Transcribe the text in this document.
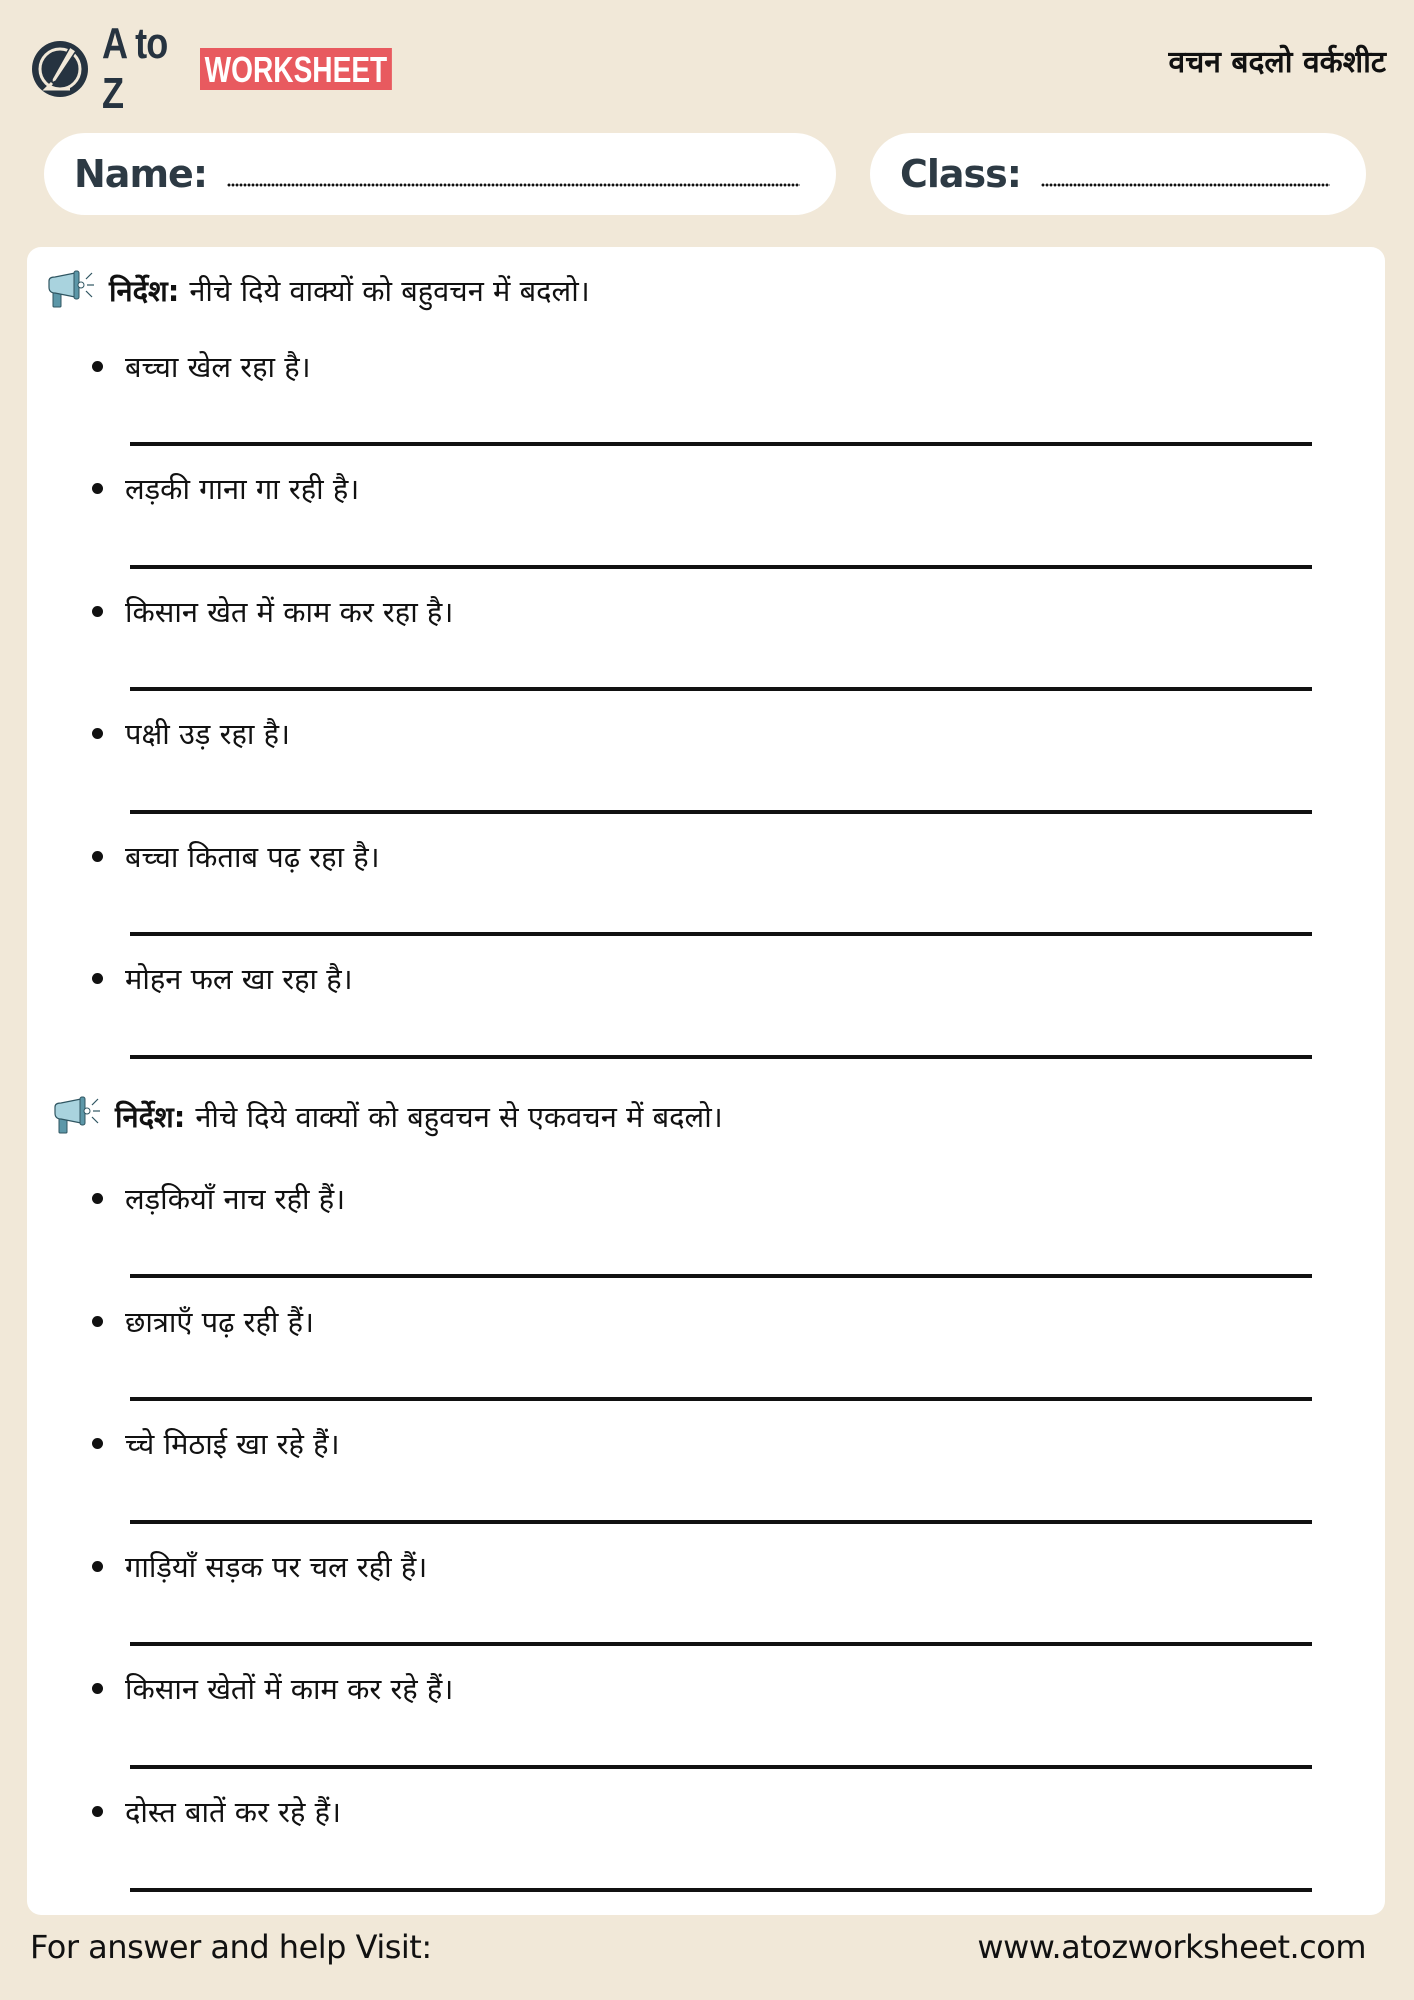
A to Z	WORKSHEET	वचन बदलो वर्कशीट
Name:	Class:
निर्देश: नीचे दिये वाक्यों को बहुवचन में बदलो।
बच्चा खेल रहा है।
लड़की गाना गा रही है।
किसान खेत में काम कर रहा है।
पक्षी उड़ रहा है।
बच्चा किताब पढ़ रहा है।
मोहन फल खा रहा है।
निर्देश: नीचे दिये वाक्यों को बहुवचन से एकवचन में बदलो।
लड़कियाँ नाच रही हैं।
छात्राएँ पढ़ रही हैं।
च्चे मिठाई खा रहे हैं।
गाड़ियाँ सड़क पर चल रही हैं।
किसान खेतों में काम कर रहे हैं।
दोस्त बातें कर रहे हैं।
For answer and help Visit:	www.atozworksheet.com
